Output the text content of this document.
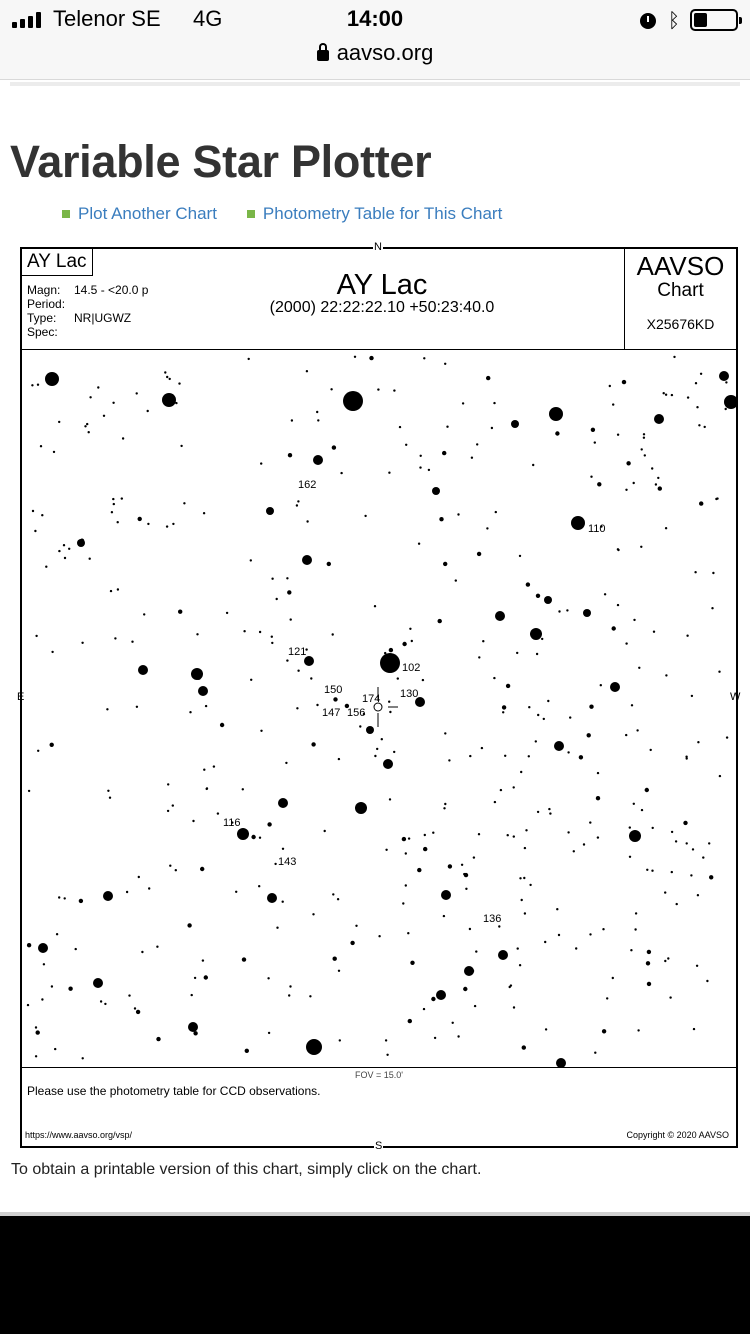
Telenor SE 4G	14:00	ᛒ
aavso.org
Variable Star Plotter
Plot Another Chart	Photometry Table for This Chart
AY Lac
Magn:	14.5 - <20.0 p
Period:
Type:	NR|UGWZ
Spec:
AY Lac
(2000) 22:22:22.10 +50:23:40.0
AAVSO
Chart
X25676KD
162
110
121
102
150
174 130
147 156
116
143
136
FOV = 15.0'
Please use the photometry table for CCD observations.
https://www.aavso.org/vsp/	Copyright © 2020 AAVSO
N
S
E	W
To obtain a printable version of this chart, simply click on the chart.
